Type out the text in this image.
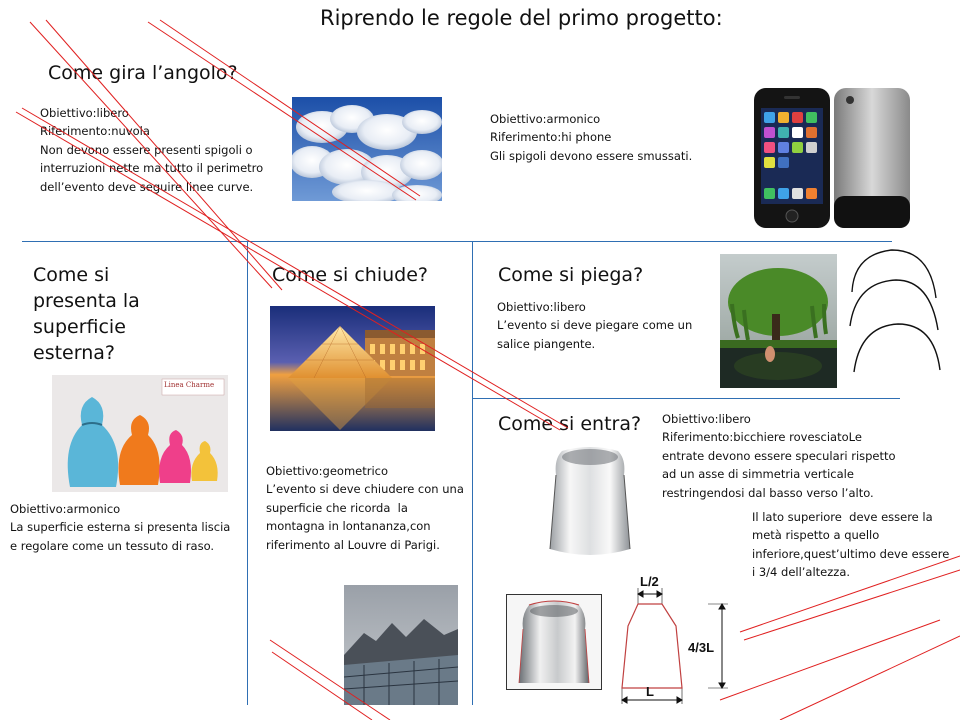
Riprendo le regole del primo progetto:
Come gira l’angolo?
Obiettivo:libero
Riferimento:nuvola
Non devono essere presenti spigoli o interruzioni nette ma tutto il perimetro dell’evento deve seguire linee curve.
Obiettivo:armonico
Riferimento:hi phone
Gli spigoli devono essere smussati.
Come si presenta la superficie esterna?
Linea Charme
Obiettivo:armonico
La superficie esterna si presenta liscia e regolare come un tessuto di raso.
Come si chiude?
Obiettivo:geometrico
L’evento si deve chiudere con una superficie che ricorda  la montagna in lontananza,con riferimento al Louvre di Parigi.
Come si piega?
Obiettivo:libero
L’evento si deve piegare come un salice piangente.
Come si entra? Obiettivo:libero
Riferimento:bicchiere rovesciatoLe entrate devono essere speculari rispetto ad un asse di simmetria verticale restringendosi dal basso verso l’alto.
Il lato superiore  deve essere la metà rispetto a quello inferiore,quest’ultimo deve essere i 3/4 dell’altezza.
L/2
4/3L
L
